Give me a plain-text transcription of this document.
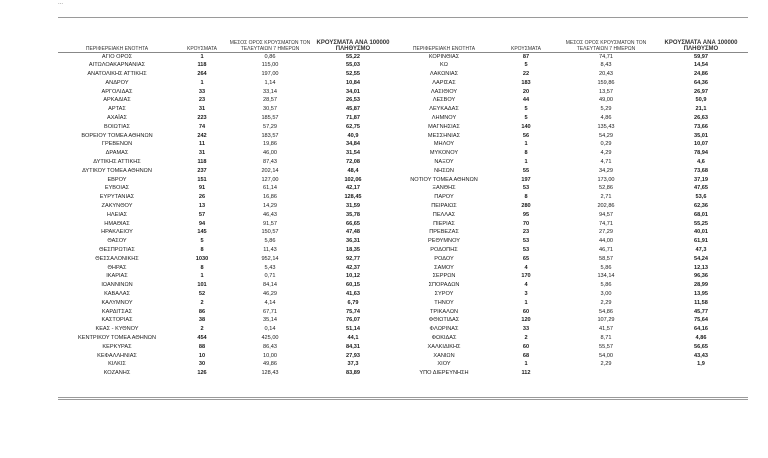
...
ΠΕΡΙΦΕΡΕΙΑΚΗ ΕΝΟΤΗΤΑ	ΚΡΟΥΣΜΑΤΑ	ΜΕΣΟΣ ΟΡΟΣ ΚΡΟΥΣΜΑΤΩΝ ΤΟΝ ΤΕΛΕΥΤΑΙΩΝ 7 ΗΜΕΡΩΝ	ΚΡΟΥΣΜΑΤΑ ΑΝΑ 100000 ΠΛΗΘΥΣΜΟ	ΠΕΡΙΦΕΡΕΙΑΚΗ ΕΝΟΤΗΤΑ	ΚΡΟΥΣΜΑΤΑ	ΜΕΣΟΣ ΟΡΟΣ ΚΡΟΥΣΜΑΤΩΝ ΤΟΝ ΤΕΛΕΥΤΑΙΩΝ 7 ΗΜΕΡΩΝ	ΚΡΟΥΣΜΑΤΑ ΑΝΑ 100000 ΠΛΗΘΥΣΜΟ
ΑΓΙΟ ΟΡΟΣ	1	0,86	55,22	ΚΟΡΙΝΘΙΑΣ	87	74,71	59,97
ΑΙΤΩΛΟΑΚΑΡΝΑΝΙΑΣ	118	115,00	55,03	ΚΩ	5	8,43	14,54
ΑΝΑΤΟΛΙΚΗΣ ΑΤΤΙΚΗΣ	264	197,00	52,55	ΛΑΚΩΝΙΑΣ	22	20,43	24,86
ΑΝΔΡΟΥ	1	1,14	10,84	ΛΑΡΙΣΑΣ	183	159,86	64,36
ΑΡΓΟΛΙΔΑΣ	33	33,14	34,01	ΛΑΣΙΘΙΟΥ	20	13,57	26,97
ΑΡΚΑΔΙΑΣ	23	28,57	26,53	ΛΕΣΒΟΥ	44	49,00	50,9
ΑΡΤΑΣ	31	30,57	45,87	ΛΕΥΚΑΔΑΣ	5	5,29	21,1
ΑΧΑΪΑΣ	223	185,57	71,87	ΛΗΜΝΟΥ	5	4,86	26,63
ΒΟΙΩΤΙΑΣ	74	57,29	62,75	ΜΑΓΝΗΣΙΑΣ	140	135,43	73,66
ΒΟΡΕΙΟΥ ΤΟΜΕΑ ΑΘΗΝΩΝ	242	183,57	40,9	ΜΕΣΣΗΝΙΑΣ	56	54,29	35,01
ΓΡΕΒΕΝΩΝ	11	19,86	34,84	ΜΗΛΟΥ	1	0,29	10,07
ΔΡΑΜΑΣ	31	46,00	31,54	ΜΥΚΟΝΟΥ	8	4,29	78,94
ΔΥΤΙΚΗΣ ΑΤΤΙΚΗΣ	118	87,43	72,08	ΝΑΞΟΥ	1	4,71	4,6
ΔΥΤΙΚΟΥ ΤΟΜΕΑ ΑΘΗΝΩΝ	237	202,14	48,4	ΝΗΣΩΝ	55	34,29	73,68
ΕΒΡΟΥ	151	127,00	102,06	ΝΟΤΙΟΥ ΤΟΜΕΑ ΑΘΗΝΩΝ	197	173,00	37,19
ΕΥΒΟΙΑΣ	91	61,14	42,17	ΞΑΝΘΗΣ	53	52,86	47,65
ΕΥΡΥΤΑΝΙΑΣ	26	16,86	128,45	ΠΑΡΟΥ	8	2,71	53,6
ΖΑΚΥΝΘΟΥ	13	14,29	31,59	ΠΕΙΡΑΙΩΣ	280	202,86	62,36
ΗΛΕΙΑΣ	57	46,43	35,78	ΠΕΛΛΑΣ	95	94,57	68,01
ΗΜΑΘΙΑΣ	94	91,57	66,65	ΠΙΕΡΙΑΣ	70	74,71	55,25
ΗΡΑΚΛΕΙΟΥ	145	150,57	47,48	ΠΡΕΒΕΖΑΣ	23	27,29	40,01
ΘΑΣΟΥ	5	5,86	36,31	ΡΕΘΥΜΝΟΥ	53	44,00	61,91
ΘΕΣΠΡΩΤΙΑΣ	8	11,43	18,35	ΡΟΔΟΠΗΣ	53	46,71	47,3
ΘΕΣΣΑΛΟΝΙΚΗΣ	1030	952,14	92,77	ΡΟΔΟΥ	65	58,57	54,24
ΘΗΡΑΣ	8	5,43	42,37	ΣΑΜΟΥ	4	5,86	12,13
ΙΚΑΡΙΑΣ	1	0,71	10,12	ΣΕΡΡΩΝ	170	134,14	96,36
ΙΩΑΝΝΙΝΩΝ	101	84,14	60,15	ΣΠΟΡΑΔΩΝ	4	5,86	28,99
ΚΑΒΑΛΑΣ	52	46,29	41,63	ΣΥΡΟΥ	3	3,00	13,95
ΚΑΛΥΜΝΟΥ	2	4,14	6,79	ΤΗΝΟΥ	1	2,29	11,58
ΚΑΡΔΙΤΣΑΣ	86	67,71	75,74	ΤΡΙΚΑΛΩΝ	60	54,86	45,77
ΚΑΣΤΟΡΙΑΣ	38	35,14	76,07	ΦΘΙΩΤΙΔΑΣ	120	107,29	75,64
ΚΕΑΣ - ΚΥΘΝΟΥ	2	0,14	51,14	ΦΛΩΡΙΝΑΣ	33	41,57	64,16
ΚΕΝΤΡΙΚΟΥ ΤΟΜΕΑ ΑΘΗΝΩΝ	454	425,00	44,1	ΦΩΚΙΔΑΣ	2	8,71	4,86
ΚΕΡΚΥΡΑΣ	88	86,43	84,31	ΧΑΛΚΙΔΙΚΗΣ	60	55,57	56,65
ΚΕΦΑΛΛΗΝΙΑΣ	10	10,00	27,93	ΧΑΝΙΩΝ	68	54,00	43,43
ΚΙΛΚΙΣ	30	49,86	37,3	ΧΙΟΥ	1	2,29	1,9
ΚΟΖΑΝΗΣ	126	128,43	83,89	ΥΠΟ ΔΙΕΡΕΥΝΗΣΗ	112		
